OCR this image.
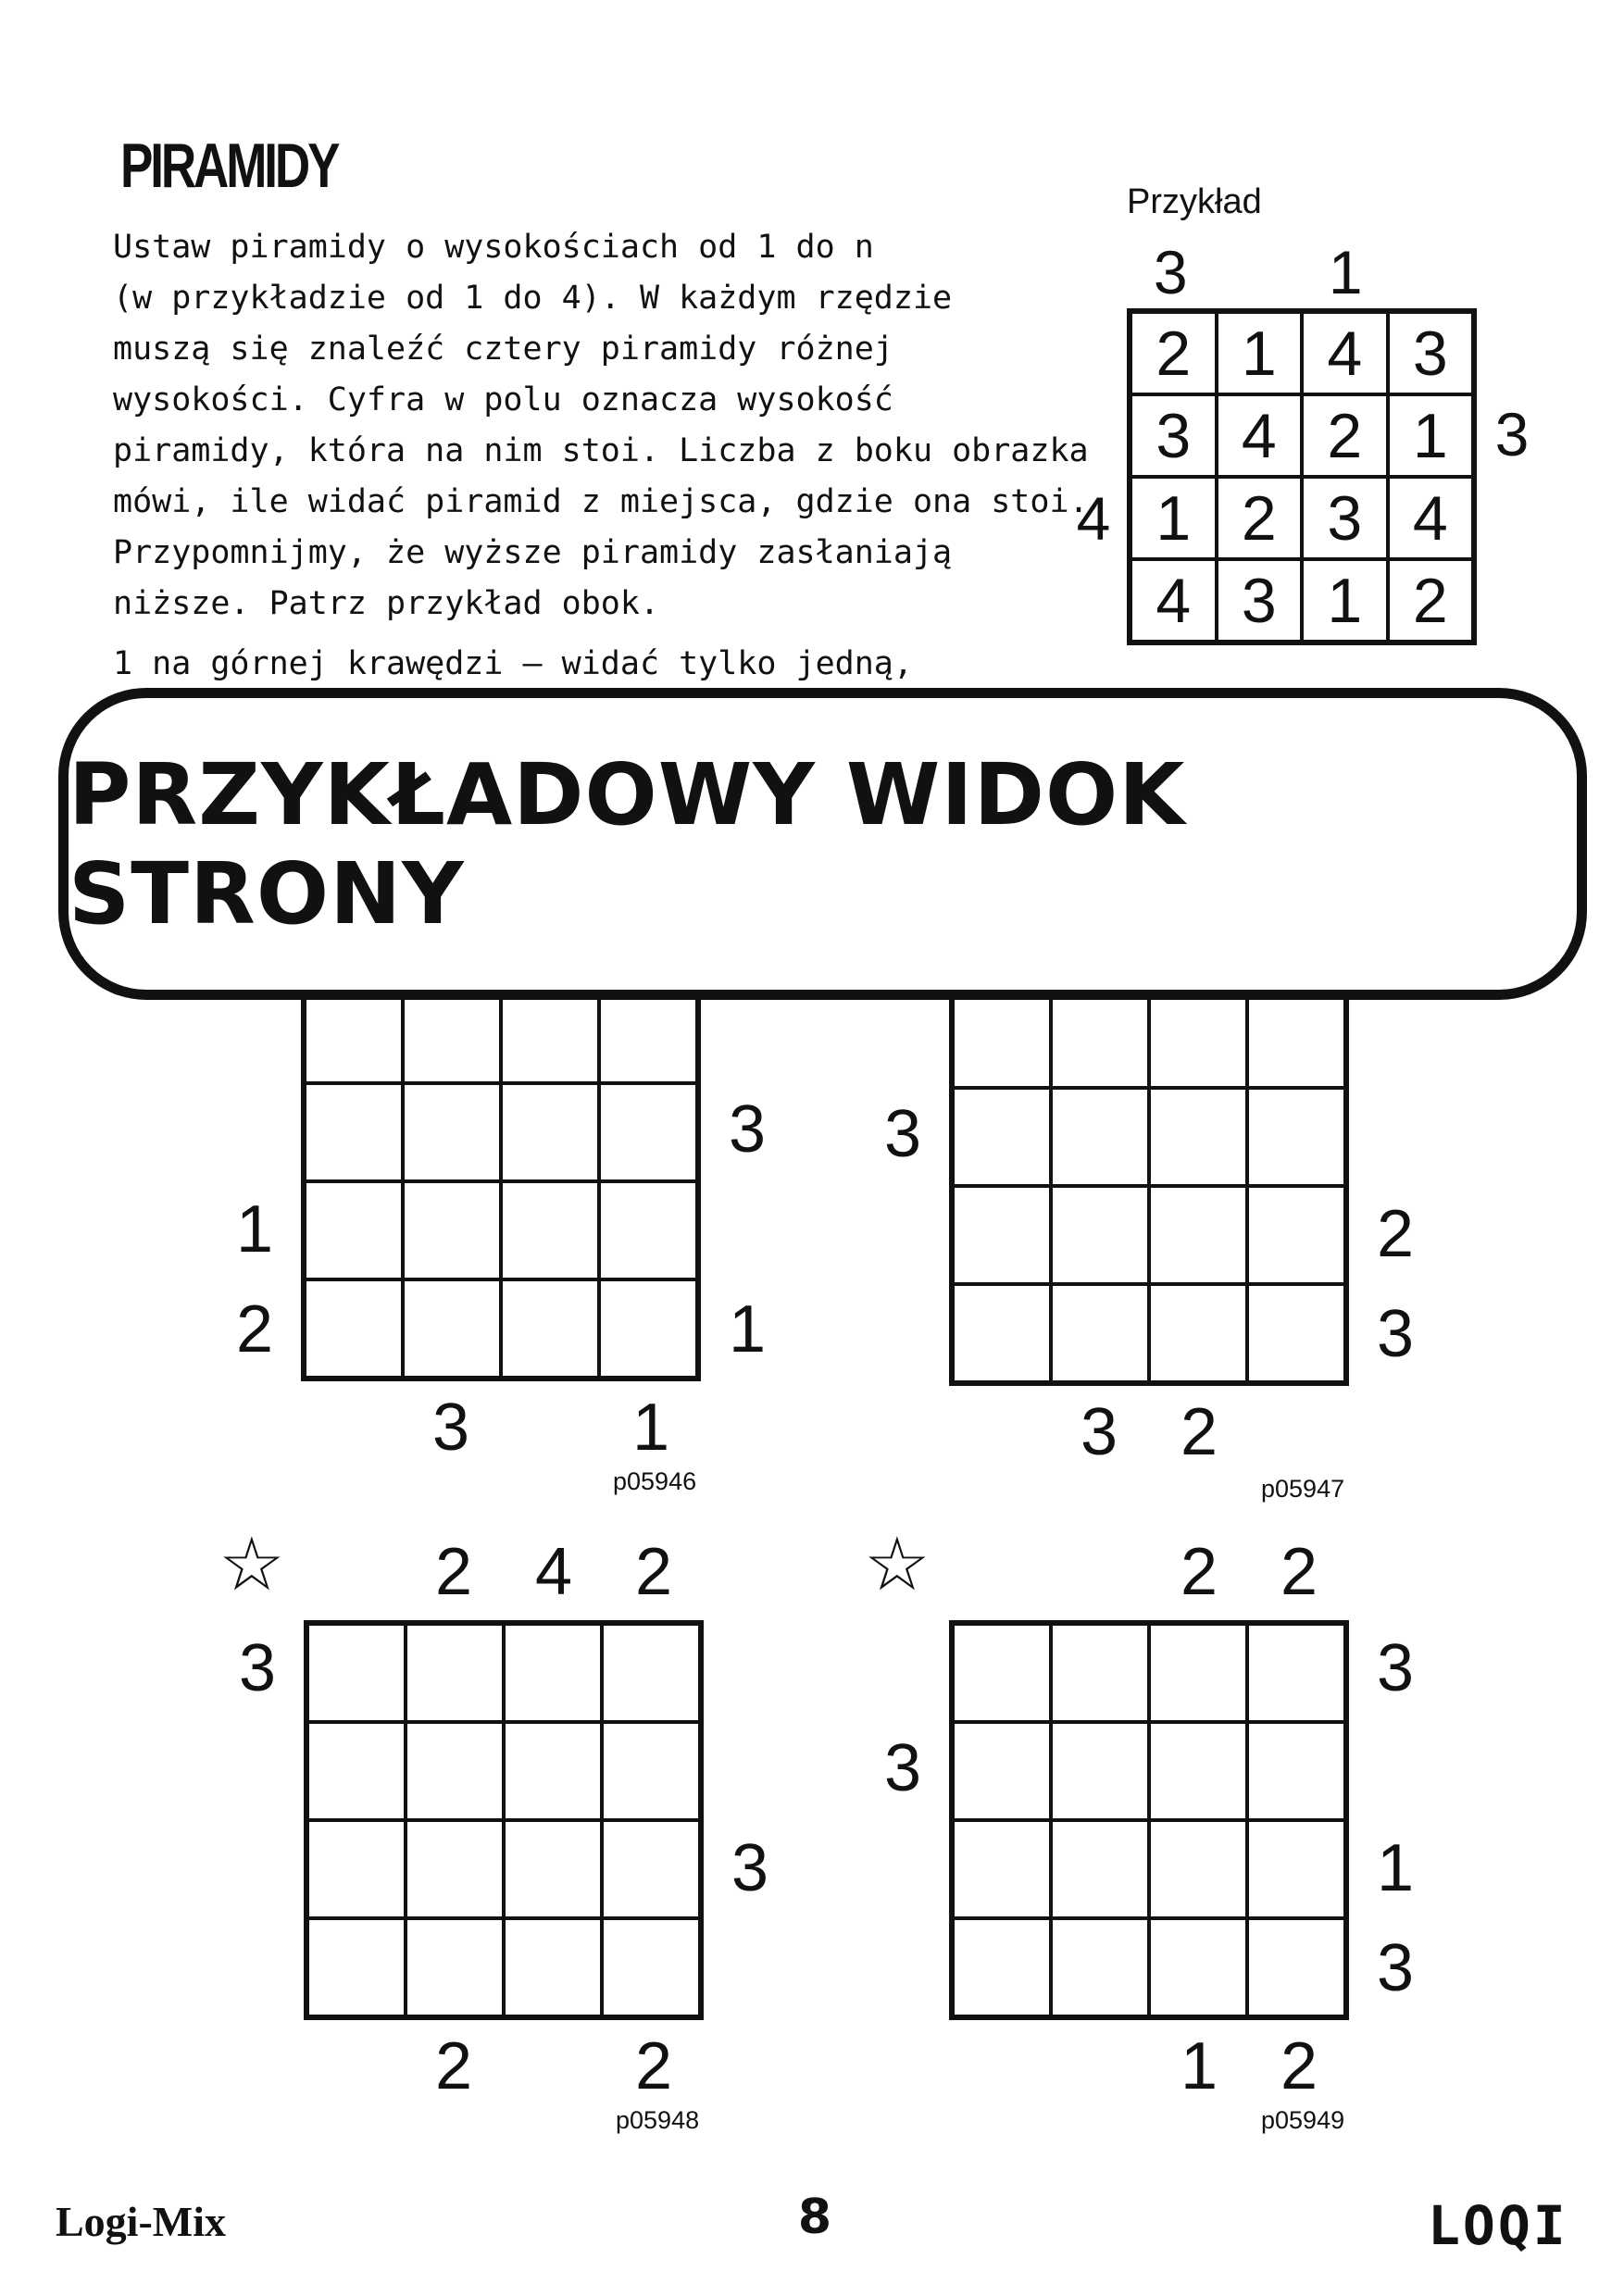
PIRAMIDY

Ustaw piramidy o wysokościach od 1 do n

(w przykładzie od 1 do 4). W każdym rzędzie

muszą się znaleźć cztery piramidy różnej

wysokości. Cyfra w polu oznacza wysokość

piramidy, która na nim stoi. Liczba z boku obrazka

mówi, ile widać piramid z miejsca, gdzie ona stoi.

Przypomnijmy, że wyższe piramidy zasłaniają

niższe. Patrz przykład obok.

1 na górnej krawędzi – widać tylko jedną,

Przykład
2 1 4 3
3 4 2 1
1 2 3 4
4 3 1 2
3
3
1
4
3
3
1
1
2	1
p05946
3
3
2
2
3
p05947
3
2
2
4
3
2
2
p05948
☆
3
3
2
1
1
2
2
3
p05949
☆
PRZYKŁADOWY WIDOK STRONY
Logi-Mix	8	LOQI
